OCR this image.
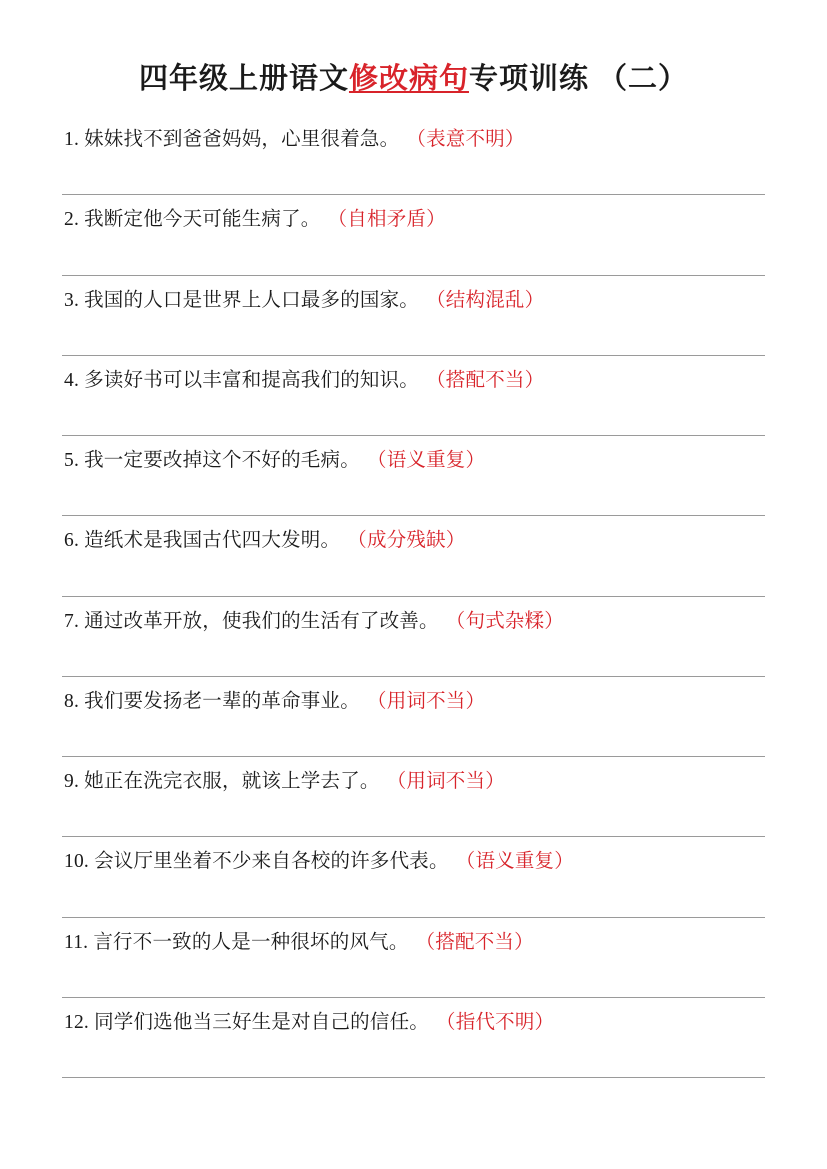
四年级上册语文修改病句专项训练 （二）
1. 妹妹找不到爸爸妈妈，心里很着急。 （表意不明）
2. 我断定他今天可能生病了。 （自相矛盾）
3. 我国的人口是世界上人口最多的国家。 （结构混乱）
4. 多读好书可以丰富和提高我们的知识。 （搭配不当）
5. 我一定要改掉这个不好的毛病。 （语义重复）
6. 造纸术是我国古代四大发明。 （成分残缺）
7. 通过改革开放，使我们的生活有了改善。 （句式杂糅）
8. 我们要发扬老一辈的革命事业。 （用词不当）
9. 她正在洗完衣服，就该上学去了。 （用词不当）
10. 会议厅里坐着不少来自各校的许多代表。 （语义重复）
11. 言行不一致的人是一种很坏的风气。 （搭配不当）
12. 同学们选他当三好生是对自己的信任。 （指代不明）
